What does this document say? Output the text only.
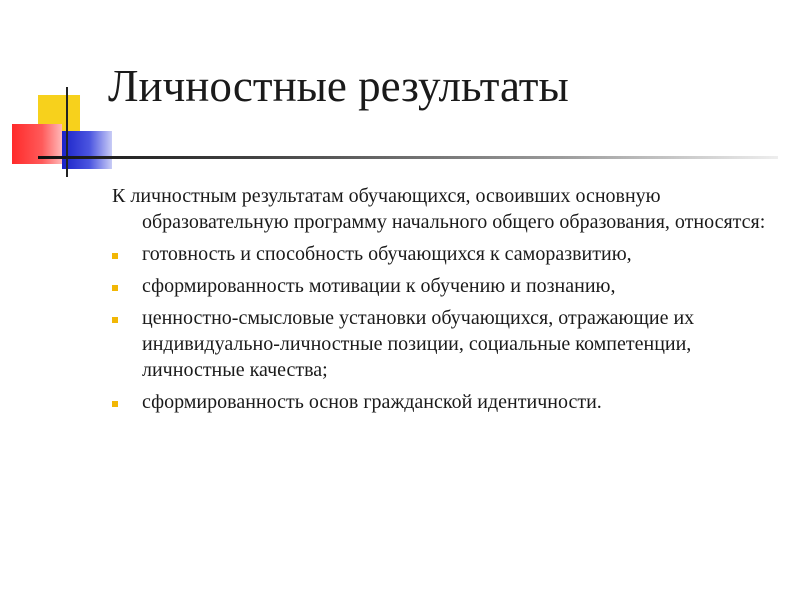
Личностные результаты
К личностным результатам обучающихся, освоивших основную образовательную программу начального общего образования, относятся:
готовность и способность обучающихся к саморазвитию,
сформированность мотивации к обучению и познанию,
ценностно-смысловые установки обучающихся, отражающие их индивидуально-личностные позиции, социальные компетенции, личностные качества;
сформированность основ гражданской идентичности.
